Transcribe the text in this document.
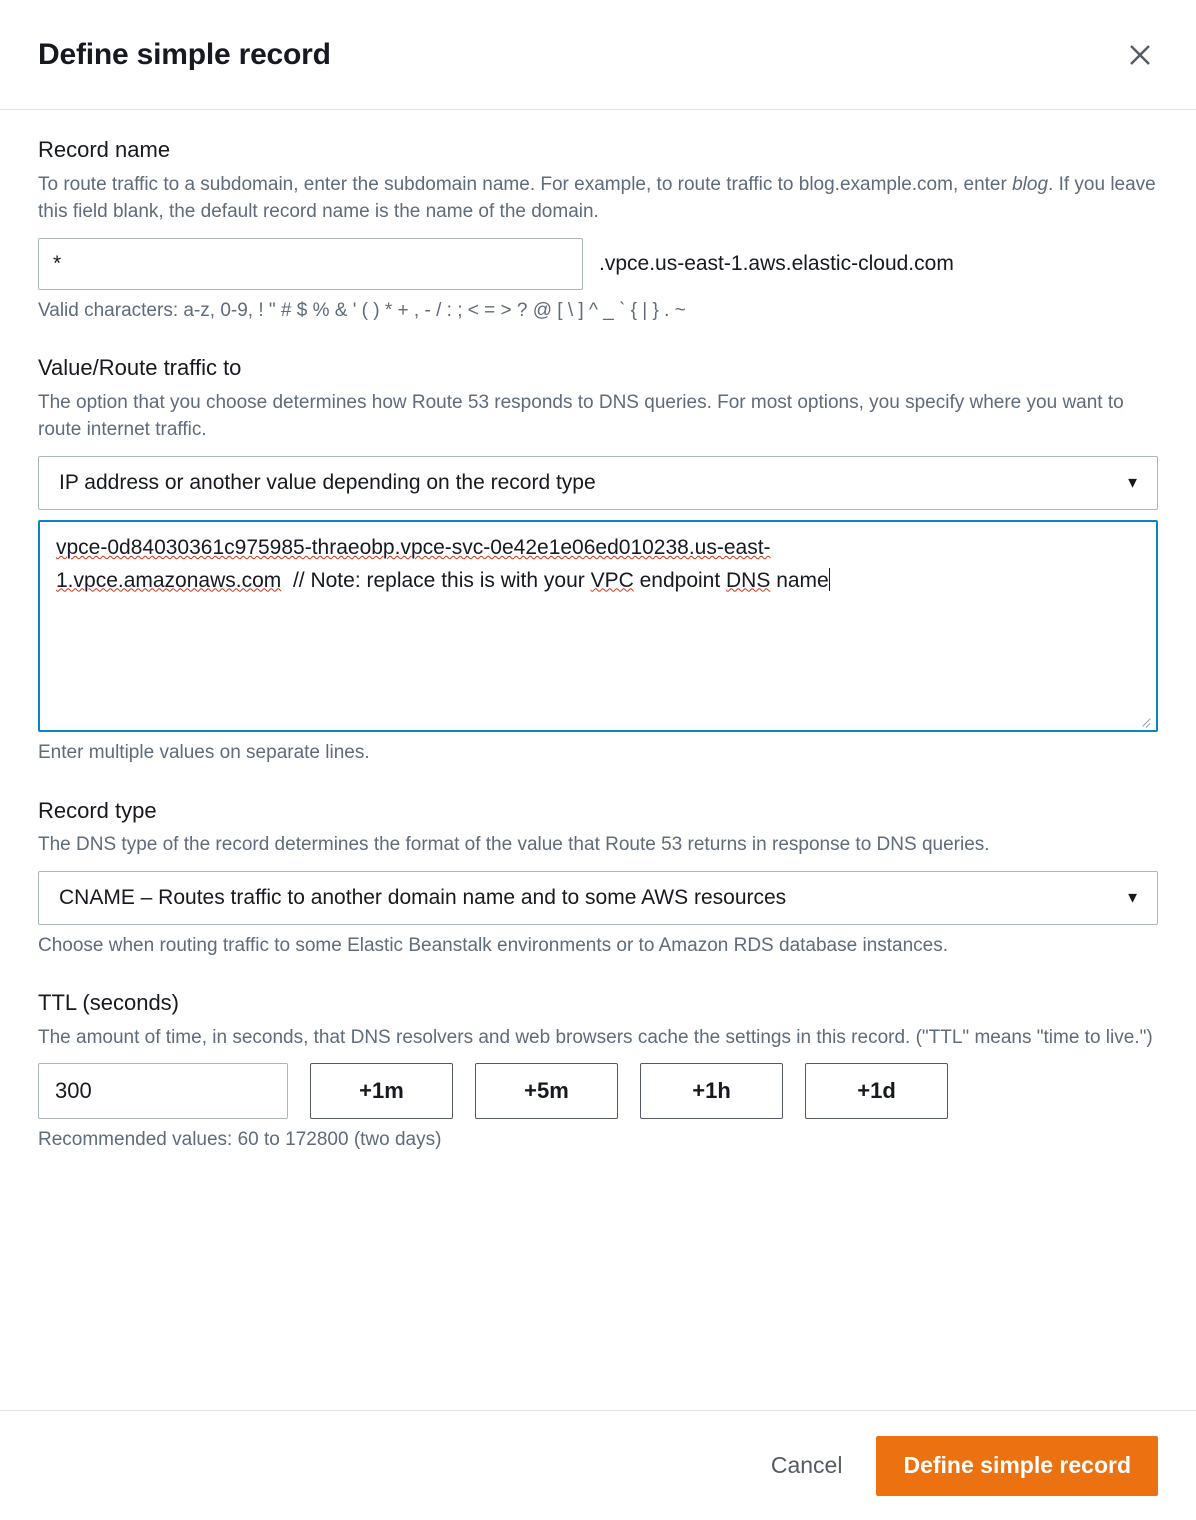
Define simple record
Record name
To route traffic to a subdomain, enter the subdomain name. For example, to route traffic to blog.example.com, enter blog. If you leave this field blank, the default record name is the name of the domain.
*
.vpce.us-east-1.aws.elastic-cloud.com
Valid characters: a-z, 0-9, ! " # $ % & ' ( ) * + , - / : ; < = > ? @ [ \ ] ^ _ ` { | } . ~
Value/Route traffic to
The option that you choose determines how Route 53 responds to DNS queries. For most options, you specify where you want to route internet traffic.
IP address or another value depending on the record type	▼
vpce-0d84030361c975985-thraeobp.vpce-svc-0e42e1e06ed010238.us-east-
1.vpce.amazonaws.com // Note: replace this is with your VPC endpoint DNS name
Enter multiple values on separate lines.
Record type
The DNS type of the record determines the format of the value that Route 53 returns in response to DNS queries.
CNAME – Routes traffic to another domain name and to some AWS resources	▼
Choose when routing traffic to some Elastic Beanstalk environments or to Amazon RDS database instances.
TTL (seconds)
The amount of time, in seconds, that DNS resolvers and web browsers cache the settings in this record. ("TTL" means "time to live.")
300
+1m	+5m	+1h	+1d
Recommended values: 60 to 172800 (two days)
Cancel	Define simple record
